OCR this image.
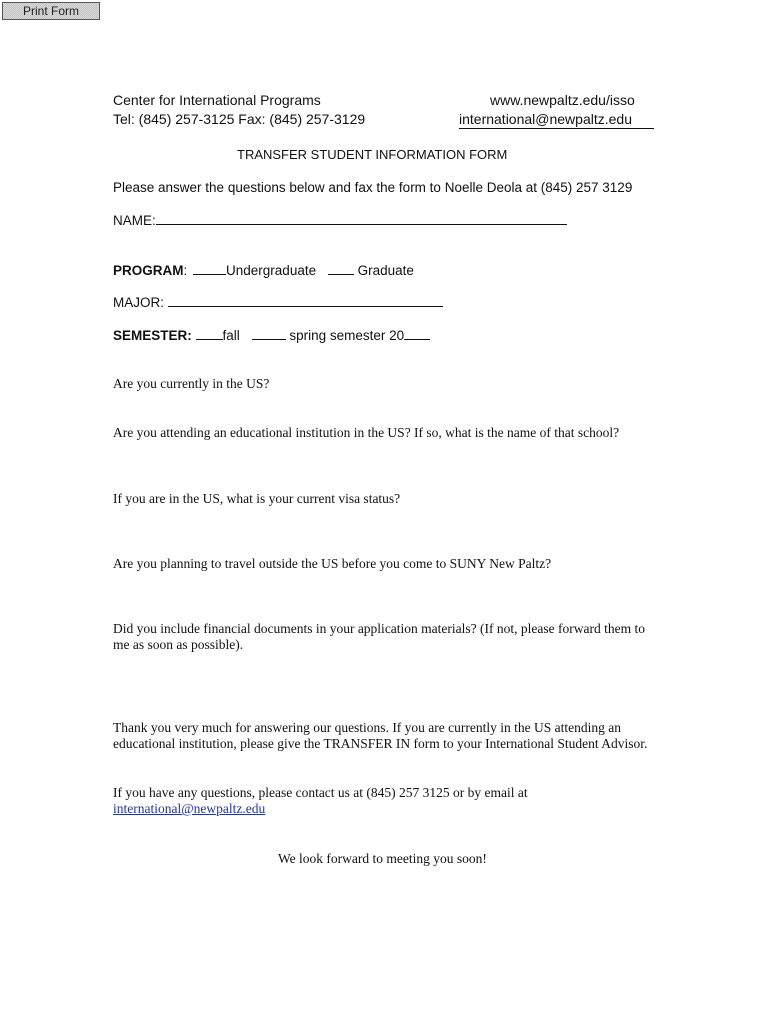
Print Form
Center for International Programs
Tel: (845) 257-3125 Fax: (845) 257-3129
www.newpaltz.edu/isso
international@newpaltz.edu
TRANSFER STUDENT INFORMATION FORM
Please answer the questions below and fax the form to Noelle Deola at (845) 257 3129
NAME:
PROGRAM:	Undergraduate	Graduate
MAJOR:
SEMESTER: fall	spring semester 20
Are you currently in the US?
Are you attending an educational institution in the US? If so, what is the name of that school?
If you are in the US, what is your current visa status?
Are you planning to travel outside the US before you come to SUNY New Paltz?
Did you include financial documents in your application materials? (If not, please forward them to me as soon as possible).
Thank you very much for answering our questions. If you are currently in the US attending an educational institution, please give the TRANSFER IN form to your International Student Advisor.
If you have any questions, please contact us at (845) 257 3125 or by email at
international@newpaltz.edu
We look forward to meeting you soon!
